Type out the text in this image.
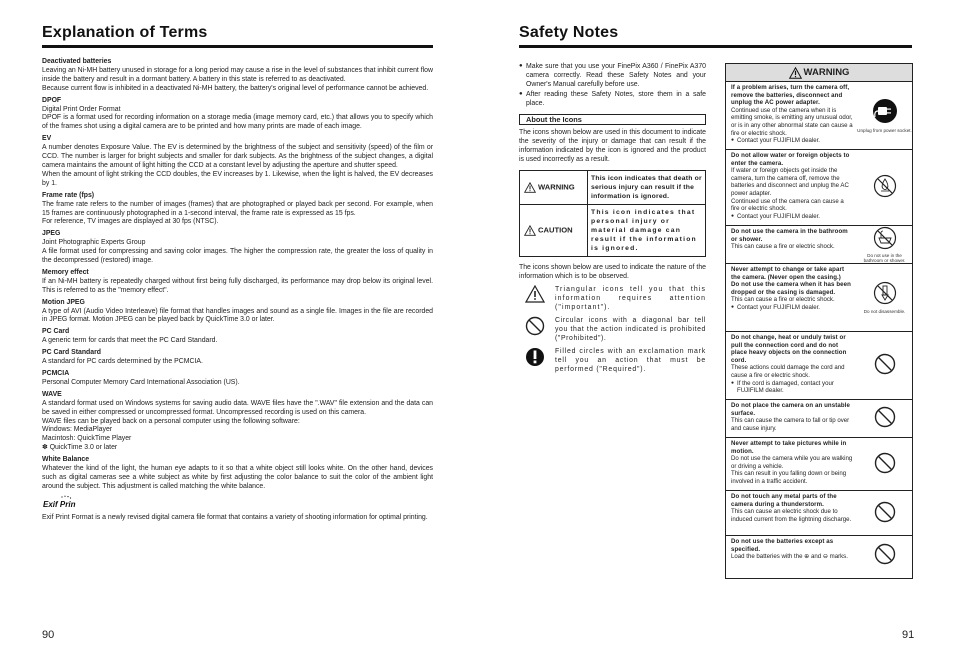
Explanation of Terms
Deactivated batteries
Leaving an Ni-MH battery unused in storage for a long period may cause a rise in the level of substances that inhibit current flow inside the battery and result in a dormant battery. A battery in this state is referred to as deactivated.
Because current flow is inhibited in a deactivated Ni-MH battery, the battery's original level of performance cannot be achieved.
DPOF
Digital Print Order Format
DPOF is a format used for recording information on a storage media (image memory card, etc.) that allows you to specify which of the frames shot using a digital camera are to be printed and how many prints are made of each image.
EV
A number denotes Exposure Value. The EV is determined by the brightness of the subject and sensitivity (speed) of the film or CCD. The number is larger for bright subjects and smaller for dark subjects. As the brightness of the subject changes, a digital camera maintains the amount of light hitting the CCD at a constant level by adjusting the aperture and shutter speed.
When the amount of light striking the CCD doubles, the EV increases by 1. Likewise, when the light is halved, the EV decreases by 1.
Frame rate (fps)
The frame rate refers to the number of images (frames) that are photographed or played back per second. For example, when 15 frames are continuously photographed in a 1-second interval, the frame rate is expressed as 15 fps.
For reference, TV images are displayed at 30 fps (NTSC).
JPEG
Joint Photographic Experts Group
A file format used for compressing and saving color images. The higher the compression rate, the greater the loss of quality in the decompressed (restored) image.
Memory effect
If an Ni-MH battery is repeatedly charged without first being fully discharged, its performance may drop below its original level. This is referred to as the "memory effect".
Motion JPEG
A type of AVI (Audio Video Interleave) file format that handles images and sound as a single file. Images in the file are recorded in JPEG format. Motion JPEG can be played back by QuickTime 3.0 or later.
PC Card
A generic term for cards that meet the PC Card Standard.
PC Card Standard
A standard for PC cards determined by the PCMCIA.
PCMCIA
Personal Computer Memory Card International Association (US).
WAVE
A standard format used on Windows systems for saving audio data. WAVE files have the ".WAV" file extension and the data can be saved in either compressed or uncompressed format. Uncompressed recording is used on this camera.
WAVE files can be played back on a personal computer using the following software:
Windows: MediaPlayer
Macintosh: QuickTime Player
✽ QuickTime 3.0 or later
White Balance
Whatever the kind of the light, the human eye adapts to it so that a white object still looks white. On the other hand, devices such as digital cameras see a white subject as white by first adjusting the color balance to suit the color of the ambient light around the subject. This adjustment is called matching the white balance.
Exif Print
Exif Print Format is a newly revised digital camera file format that contains a variety of shooting information for optimal printing.
90
Safety Notes
● Make sure that you use your FinePix A360 / FinePix A370 camera correctly. Read these Safety Notes and your Owner's Manual carefully before use.
● After reading these Safety Notes, store them in a safe place.
About the Icons
The icons shown below are used in this document to indicate the severity of the injury or damage that can result if the information indicated by the icon is ignored and the product is used incorrectly as a result.
WARNING	This icon indicates that death or serious injury can result if the information is ignored.
CAUTION	This icon indicates that personal injury or material damage can result if the information is ignored.
The icons shown below are used to indicate the nature of the information which is to be observed.
Triangular icons tell you that this information requires attention ("important").
Circular icons with a diagonal bar tell you that the action indicated is prohibited ("Prohibited").
Filled circles with an exclamation mark tell you an action that must be performed ("Required").
WARNING
If a problem arises, turn the camera off, remove the batteries, disconnect and unplug the AC power adapter.
Continued use of the camera when it is emitting smoke, is emitting any unusual odor, or is in any other abnormal state can cause a fire or electric shock.
● Contact your FUJIFILM dealer.
Unplug from power socket.
Do not allow water or foreign objects to enter the camera.
If water or foreign objects get inside the camera, turn the camera off, remove the batteries and disconnect and unplug the AC power adapter.
Continued use of the camera can cause a fire or electric shock.
● Contact your FUJIFILM dealer.
Do not use the camera in the bathroom or shower.
This can cause a fire or electric shock.
Do not use in the bathroom or shower.
Never attempt to change or take apart the camera. (Never open the casing.)
Do not use the camera when it has been dropped or the casing is damaged.
This can cause a fire or electric shock.
● Contact your FUJIFILM dealer.
Do not disassemble.
Do not change, heat or unduly twist or pull the connection cord and do not place heavy objects on the connection cord.
These actions could damage the cord and cause a fire or electric shock.
● If the cord is damaged, contact your FUJIFILM dealer.
Do not place the camera on an unstable surface.
This can cause the camera to fall or tip over and cause injury.
Never attempt to take pictures while in motion.
Do not use the camera while you are walking or driving a vehicle.
This can result in you falling down or being involved in a traffic accident.
Do not touch any metal parts of the camera during a thunderstorm.
This can cause an electric shock due to induced current from the lightning discharge.
Do not use the batteries except as specified.
Load the batteries with the ⊕ and ⊖ marks.
91
